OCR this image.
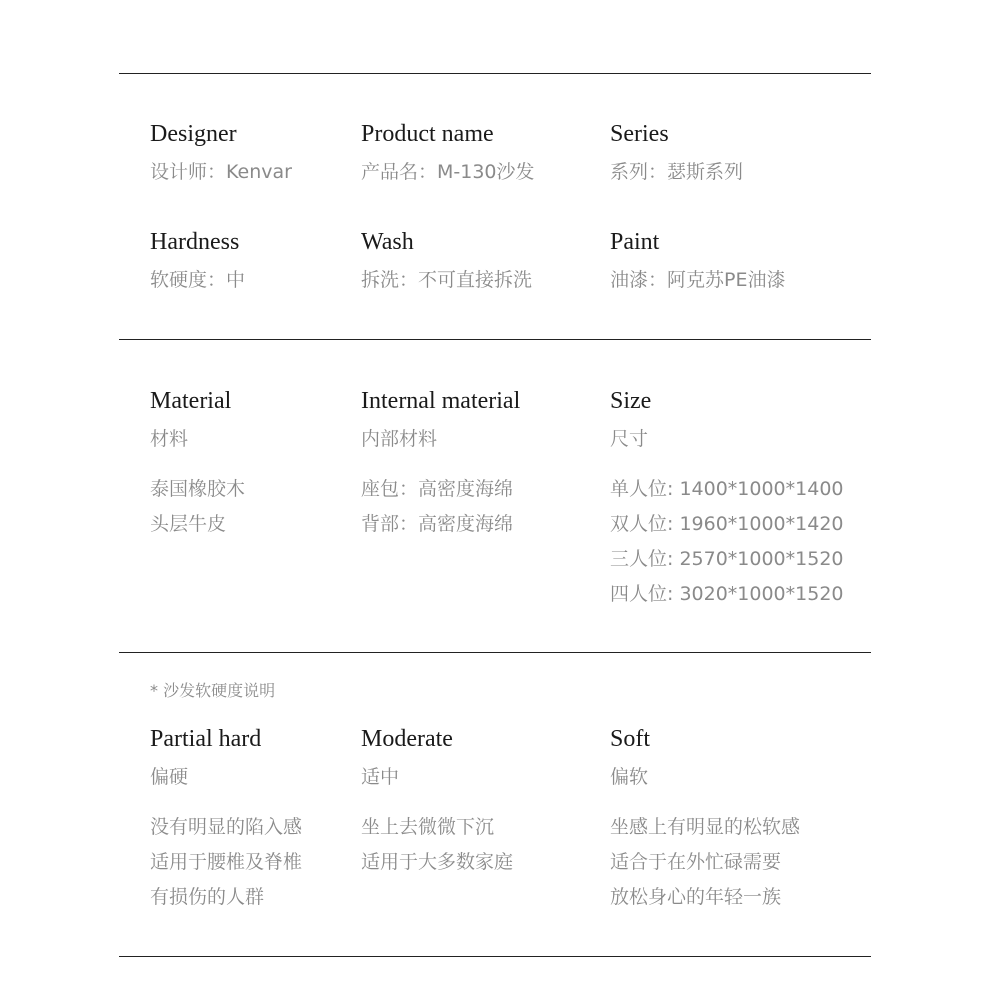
Designer

设计师：Kenvar

Product name

产品名：M-130沙发

Series

系列：瑟斯系列

Hardness

软硬度：中

Wash

拆洗：不可直接拆洗

Paint

油漆：阿克苏PE油漆

Material

材料

泰国橡胶木
头层牛皮

Internal material

内部材料

座包：高密度海绵
背部：高密度海绵

Size

尺寸

单人位: 1400*1000*1400
双人位: 1960*1000*1420
三人位: 2570*1000*1520
四人位: 3020*1000*1520

* 沙发软硬度说明

Partial hard

偏硬

没有明显的陷入感
适用于腰椎及脊椎
有损伤的人群

Moderate

适中

坐上去微微下沉
适用于大多数家庭

Soft

偏软

坐感上有明显的松软感
适合于在外忙碌需要
放松身心的年轻一族
